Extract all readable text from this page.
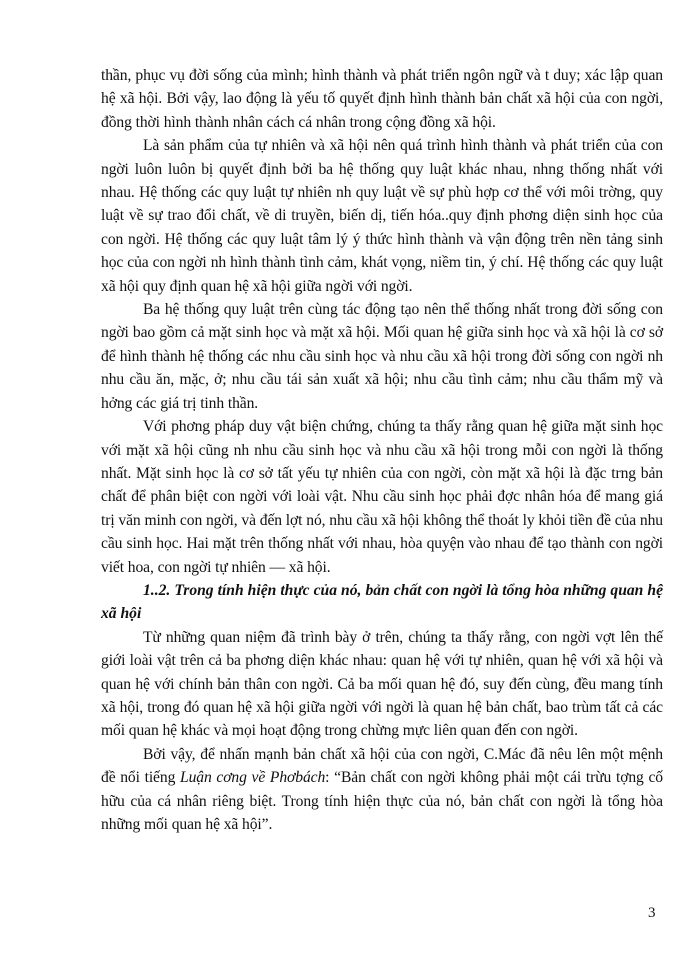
thần, phục vụ đời sống của mình; hình thành và phát triển ngôn ngữ và t duy; xác lập quan hệ xã hội. Bởi vậy, lao động là yếu tố quyết định hình thành bản chất xã hội của con ngời, đồng thời hình thành nhân cách cá nhân trong cộng đồng xã hội.

Là sản phẩm của tự nhiên và xã hội nên quá trình hình thành và phát triển của con ngời luôn luôn bị quyết định bởi ba hệ thống quy luật khác nhau, nhng thống nhất với nhau. Hệ thống các quy luật tự nhiên nh quy luật về sự phù hợp cơ thể với môi trờng, quy luật về sự trao đổi chất, về di truyền, biến dị, tiến hóa..quy định phơng diện sinh học của con ngời. Hệ thống các quy luật tâm lý ý thức hình thành và vận động trên nền tảng sinh học của con ngời nh hình thành tình cảm, khát vọng, niềm tin, ý chí. Hệ thống các quy luật xã hội quy định quan hệ xã hội giữa ngời với ngời.

Ba hệ thống quy luật trên cùng tác động tạo nên thể thống nhất trong đời sống con ngời bao gồm cả mặt sinh học và mặt xã hội. Mối quan hệ giữa sinh học và xã hội là cơ sở để hình thành hệ thống các nhu cầu sinh học và nhu cầu xã hội trong đời sống con ngời nh nhu cầu ăn, mặc, ở; nhu cầu tái sản xuất xã hội; nhu cầu tình cảm; nhu cầu thẩm mỹ và hởng các giá trị tinh thần.

Với phơng pháp duy vật biện chứng, chúng ta thấy rằng quan hệ giữa mặt sinh học với mặt xã hội cũng nh nhu cầu sinh học và nhu cầu xã hội trong mỗi con ngời là thống nhất. Mặt sinh học là cơ sở tất yếu tự nhiên của con ngời, còn mặt xã hội là đặc trng bản chất để phân biệt con ngời với loài vật. Nhu cầu sinh học phải đợc nhân hóa để mang giá trị văn minh con ngời, và đến lợt nó, nhu cầu xã hội không thể thoát ly khỏi tiền đề của nhu cầu sinh học. Hai mặt trên thống nhất với nhau, hòa quyện vào nhau để tạo thành con ngời viết hoa, con ngời tự nhiên — xã hội.

1..2. Trong tính hiện thực của nó, bản chất con ngời là tổng hòa những quan hệ xã hội

Từ những quan niệm đã trình bày ở trên, chúng ta thấy rằng, con ngời vợt lên thế giới loài vật trên cả ba phơng diện khác nhau: quan hệ với tự nhiên, quan hệ với xã hội và quan hệ với chính bản thân con ngời. Cả ba mối quan hệ đó, suy đến cùng, đều mang tính xã hội, trong đó quan hệ xã hội giữa ngời với ngời là quan hệ bản chất, bao trùm tất cả các mối quan hệ khác và mọi hoạt động trong chừng mực liên quan đến con ngời.

Bởi vậy, để nhấn mạnh bản chất xã hội của con ngời, C.Mác đã nêu lên một mệnh đề nổi tiếng Luận cơng về Phơbách: “Bản chất con ngời không phải một cái trừu tợng cố hữu của cá nhân riêng biệt. Trong tính hiện thực của nó, bản chất con ngời là tổng hòa những mối quan hệ xã hội”.

3
